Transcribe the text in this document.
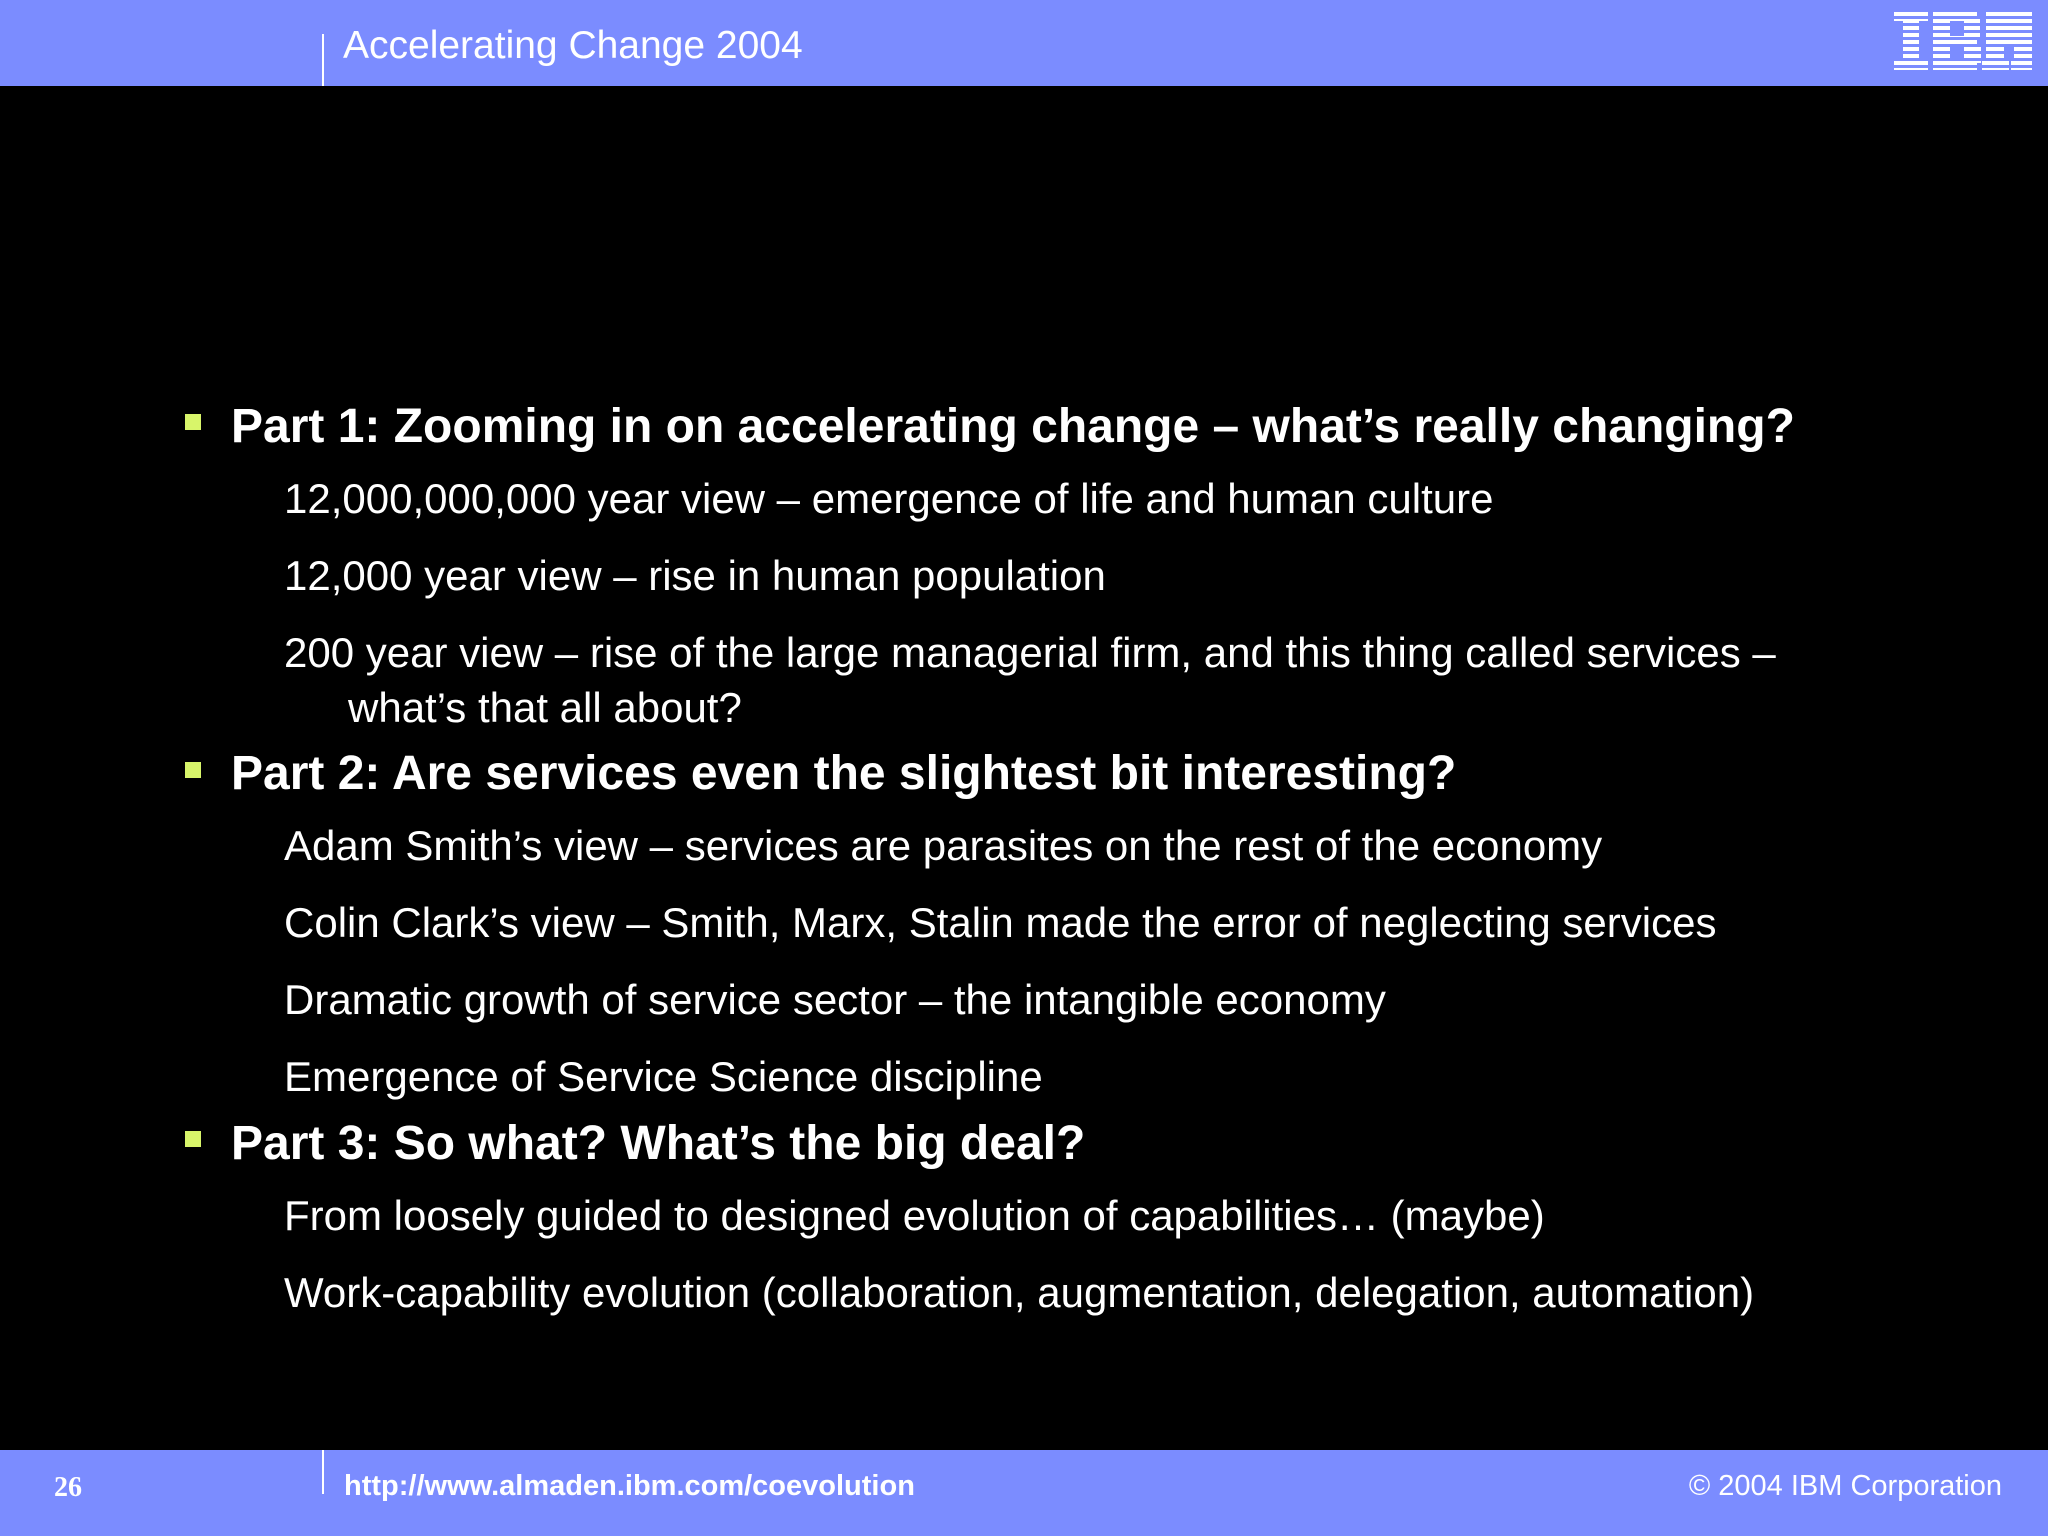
Accelerating Change 2004
Part 1: Zooming in on accelerating change – what’s really changing?
12,000,000,000 year view – emergence of life and human culture
12,000 year view – rise in human population
200 year view – rise of the large managerial firm, and this thing called services –
what’s that all about?
Part 2: Are services even the slightest bit interesting?
Adam Smith’s view – services are parasites on the rest of the economy
Colin Clark’s view – Smith, Marx, Stalin made the error of neglecting services
Dramatic growth of service sector – the intangible economy
Emergence of Service Science discipline
Part 3: So what? What’s the big deal?
From loosely guided to designed evolution of capabilities… (maybe)
Work-capability evolution (collaboration, augmentation, delegation, automation)
26	http://www.almaden.ibm.com/coevolution	© 2004 IBM Corporation
